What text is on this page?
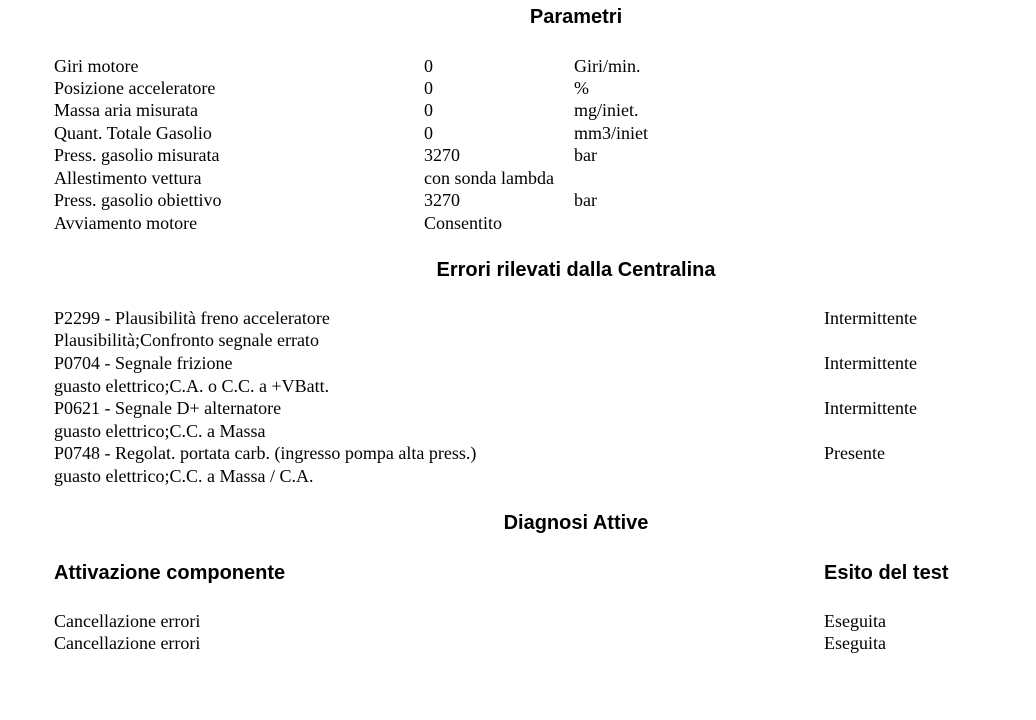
Parametri
Giri motore	0	Giri/min.
Posizione acceleratore	0	%
Massa aria misurata	0	mg/iniet.
Quant. Totale Gasolio	0	mm3/iniet
Press. gasolio misurata	3270	bar
Allestimento vettura	con sonda lambda
Press. gasolio obiettivo	3270	bar
Avviamento motore	Consentito
Errori rilevati dalla Centralina
P2299 - Plausibilità freno acceleratore	Intermittente
Plausibilità;Confronto segnale errato
P0704 - Segnale frizione	Intermittente
guasto elettrico;C.A. o C.C. a +VBatt.
P0621 - Segnale D+ alternatore	Intermittente
guasto elettrico;C.C. a Massa
P0748 - Regolat. portata carb. (ingresso pompa alta press.)	Presente
guasto elettrico;C.C. a Massa / C.A.
Diagnosi Attive
Attivazione componente	Esito del test
Cancellazione errori	Eseguita
Cancellazione errori	Eseguita
